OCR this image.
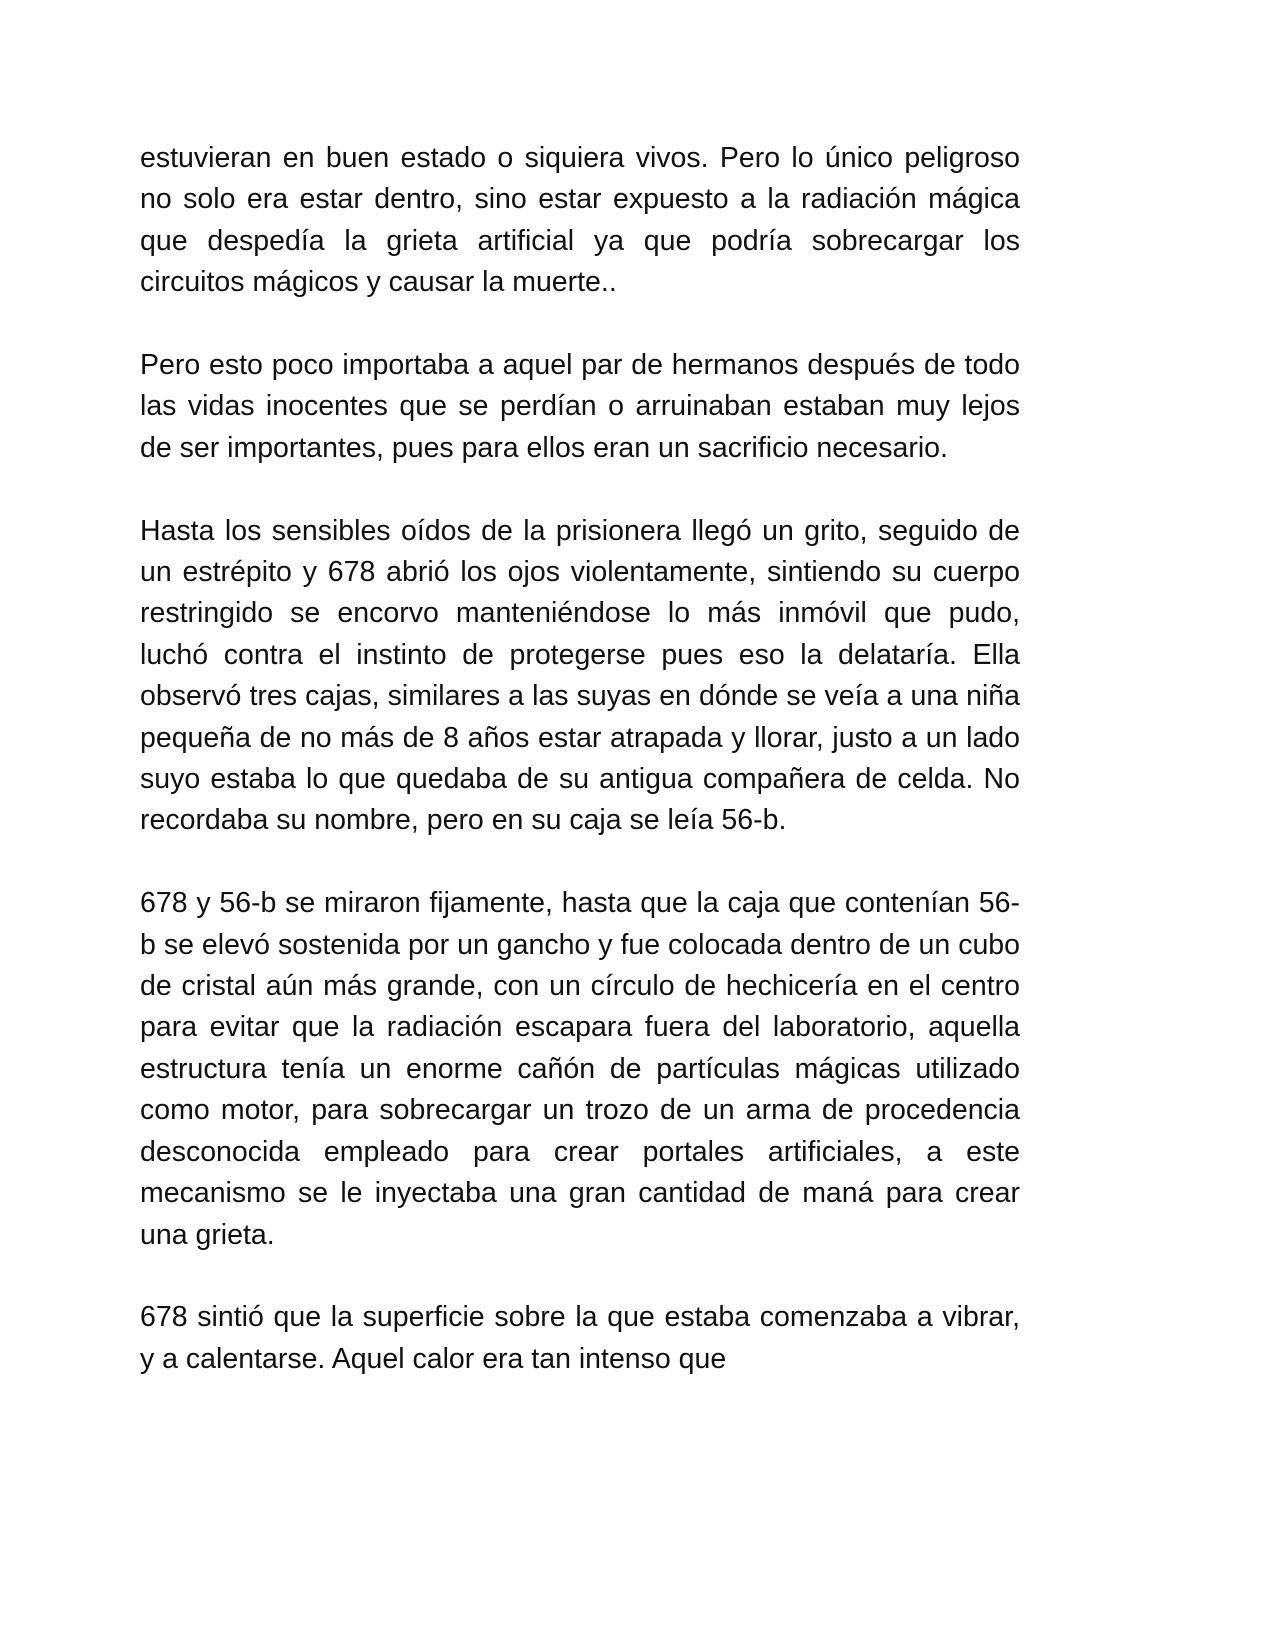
estuvieran en buen estado o siquiera vivos. Pero lo único peligroso no solo era estar dentro, sino estar expuesto a la radiación mágica que despedía la grieta artificial ya que podría sobrecargar los circuitos mágicos y causar la muerte..

Pero esto poco importaba a aquel par de hermanos después de todo las vidas inocentes que se perdían o arruinaban estaban muy lejos de ser importantes, pues para ellos eran un sacrificio necesario.

Hasta los sensibles oídos de la prisionera llegó un grito, seguido de un estrépito y 678 abrió los ojos violentamente, sintiendo su cuerpo restringido se encorvo manteniéndose lo más inmóvil que pudo, luchó contra el instinto de protegerse pues eso la delataría. Ella observó tres cajas, similares a las suyas en dónde se veía a una niña pequeña de no más de 8 años estar atrapada y llorar, justo a un lado suyo estaba lo que quedaba de su antigua compañera de celda. No recordaba su nombre, pero en su caja se leía 56-b.

678 y 56-b se miraron fijamente, hasta que la caja que contenían 56-b se elevó sostenida por un gancho y fue colocada dentro de un cubo de cristal aún más grande, con un círculo de hechicería en el centro para evitar que la radiación escapara fuera del laboratorio, aquella estructura tenía un enorme cañón de partículas mágicas utilizado como motor, para sobrecargar un trozo de un arma de procedencia desconocida empleado para crear portales artificiales, a este mecanismo se le inyectaba una gran cantidad de maná para crear una grieta.

678 sintió que la superficie sobre la que estaba comenzaba a vibrar, y a calentarse. Aquel calor era tan intenso que
